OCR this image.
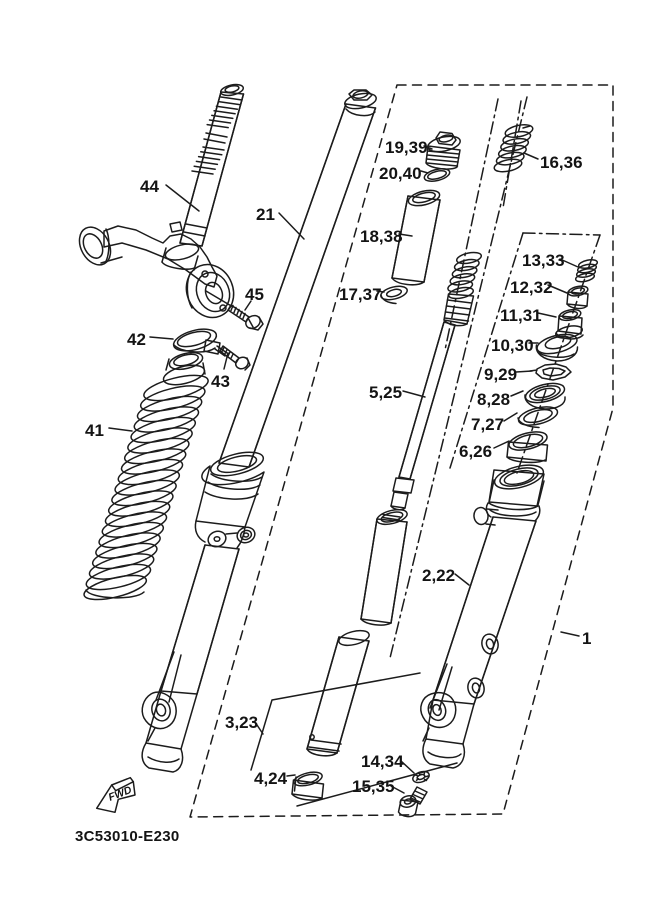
44
21
19,39
20,40
18,38
17,37
16,36
13,33
12,32
11,31
10,30
9,29
8,28
7,27
6,26
5,25
45
42
43
41
2,22
1
3,23
4,24
14,34
15,35
FWD
3C53010-E230
